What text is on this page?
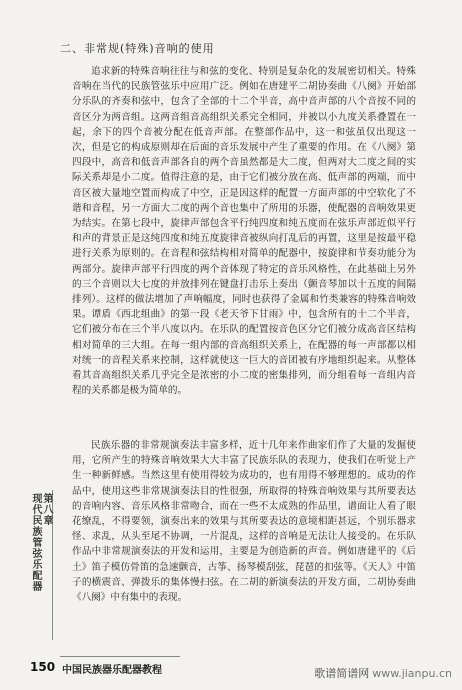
二、非常规(特殊)音响的使用

追求新的特殊音响往往与和弦的变化、特别是复杂化的发展密切相关。特殊音响在当代的民族管弦乐中应用广泛。例如在唐建平二胡协奏曲《八阕》开始部分乐队的齐奏和弦中，包含了全部的十二个半音，高中音声部的八个音按不同的音区分为两音组。这两音组音高组织关系完全相同，并被以小九度关系叠置在一起，余下的四个音被分配在低音声部。在整部作品中，这一和弦虽仅出现这一次，但是它的构成原则却在后面的音乐发展中产生了重要的作用。在《八阕》第四段中，高音和低音声部各自的两个音虽然都是大二度，但两对大二度之间的实际关系却是小二度。值得注意的是，由于它们被分放在高、低声部的两端，而中音区被大量地空置而构成了中空，正是因这样的配置一方面声部的中空软化了不谐和音程，另一方面大二度的两个音也集中了所用的乐器，使配器的音响效果更为结实。在第七段中，旋律声部包含平行纯四度和纯五度而在弦乐声部近似平行和声的背景正是这纯四度和纯五度旋律音被纵向打乱后的再置，这里是按最平稳进行关系为原则的。在音程和弦结构相对简单的配器中，按旋律和节奏功能分为两部分。旋律声部平行四度的两个音体现了特定的音乐风格性，在此基础上另外的三个音则以大七度的并放排列在键盘打击乐上奏出（颤音琴加以十五度的间隔排列）。这样的做法增加了声响幅度，同时也获得了金属和竹类兼容的特殊音响效果。谭盾《西北组曲》的第一段《老天爷下甘雨》中，包含所有的十二个半音，它们被分布在三个半八度以内。在乐队的配置按音色区分它们被分成高音区结构相对简单的三大组。在每一组内部的音高组织关系上，在配器的每一声部都以相对统一的音程关系来控制，这样就使这一巨大的音团被有序地组织起来。从整体看其音高组织关系几乎完全是浓密的小二度的密集排列，而分组看每一音组内音程的关系都是极为简单的。

民族乐器的非常规演奏法丰富多样，近十几年来作曲家们作了大量的发掘使用，它所产生的特殊音响效果大大丰富了民族乐队的表现力，使我们在听觉上产生一种新鲜感。当然这里有使用得较为成功的，也有用得不够理想的。成功的作品中，使用这些非常规演奏法目的性很强，所取得的特殊音响效果与其所要表达的音响内容、音乐风格非常吻合，而在一些不太成熟的作品里，谱面让人看了眼花缭乱，不得要领，演奏出来的效果与其所要表达的意境相距甚远，个别乐器求怪、求乱，从头至尾不协调，一片混乱，这样的音响是无法让人接受的。在乐队作品中非常规演奏法的开发和运用，主要是为创造新的声音。例如唐建平的《后土》笛子模仿骨笛的急速颤音，古筝、扬琴模刮弦，琵琶的扣弦等。《天人》中笛子的横震音、弹拨乐的集体慢扫弦。在二胡的新演奏法的开发方面，二胡协奏曲《八阕》中有集中的表现。

第八章
现代民族管弦乐配器
150 中国民族器乐配器教程	歌谱简谱网 www.jianpu.cn
